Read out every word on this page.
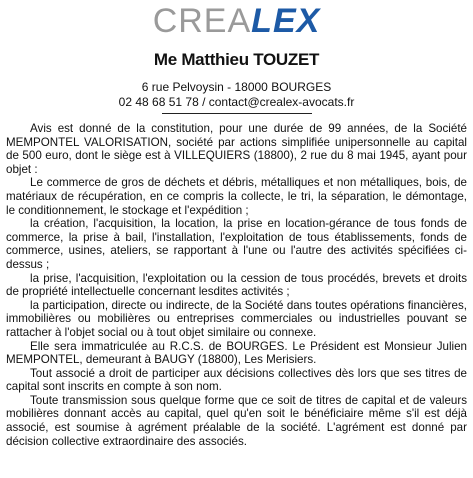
CREA LEX
Me Matthieu TOUZET
6 rue Pelvoysin - 18000 BOURGES
02 48 68 51 78 / contact@crealex-avocats.fr

Avis est donné de la constitution, pour une durée de 99 années, de la Société MEMPONTEL VALORISATION, société par actions simplifiée unipersonnelle au capital de 500 euro, dont le siège est à VILLEQUIERS (18800), 2 rue du 8 mai 1945, ayant pour objet :

Le commerce de gros de déchets et débris, métalliques et non métalliques, bois, de matériaux de récupération, en ce compris la collecte, le tri, la séparation, le démontage, le conditionnement, le stockage et l'expédition ;

la création, l'acquisition, la location, la prise en location-gérance de tous fonds de commerce, la prise à bail, l'installation, l'exploitation de tous établissements, fonds de commerce, usines, ateliers, se rapportant à l'une ou l'autre des activités spécifiées ci-dessus ;

la prise, l'acquisition, l'exploitation ou la cession de tous procédés, brevets et droits de propriété intellectuelle concernant lesdites activités ;

la participation, directe ou indirecte, de la Société dans toutes opérations financières, immobilières ou mobilières ou entreprises commerciales ou industrielles pouvant se rattacher à l'objet social ou à tout objet similaire ou connexe.

Elle sera immatriculée au R.C.S. de BOURGES. Le Président est Monsieur Julien MEMPONTEL, demeurant à BAUGY (18800), Les Merisiers.

Tout associé a droit de participer aux décisions collectives dès lors que ses titres de capital sont inscrits en compte à son nom.

Toute transmission sous quelque forme que ce soit de titres de capital et de valeurs mobilières donnant accès au capital, quel qu'en soit le bénéficiaire même s'il est déjà associé, est soumise à agrément préalable de la société. L'agrément est donné par décision collective extraordinaire des associés.
